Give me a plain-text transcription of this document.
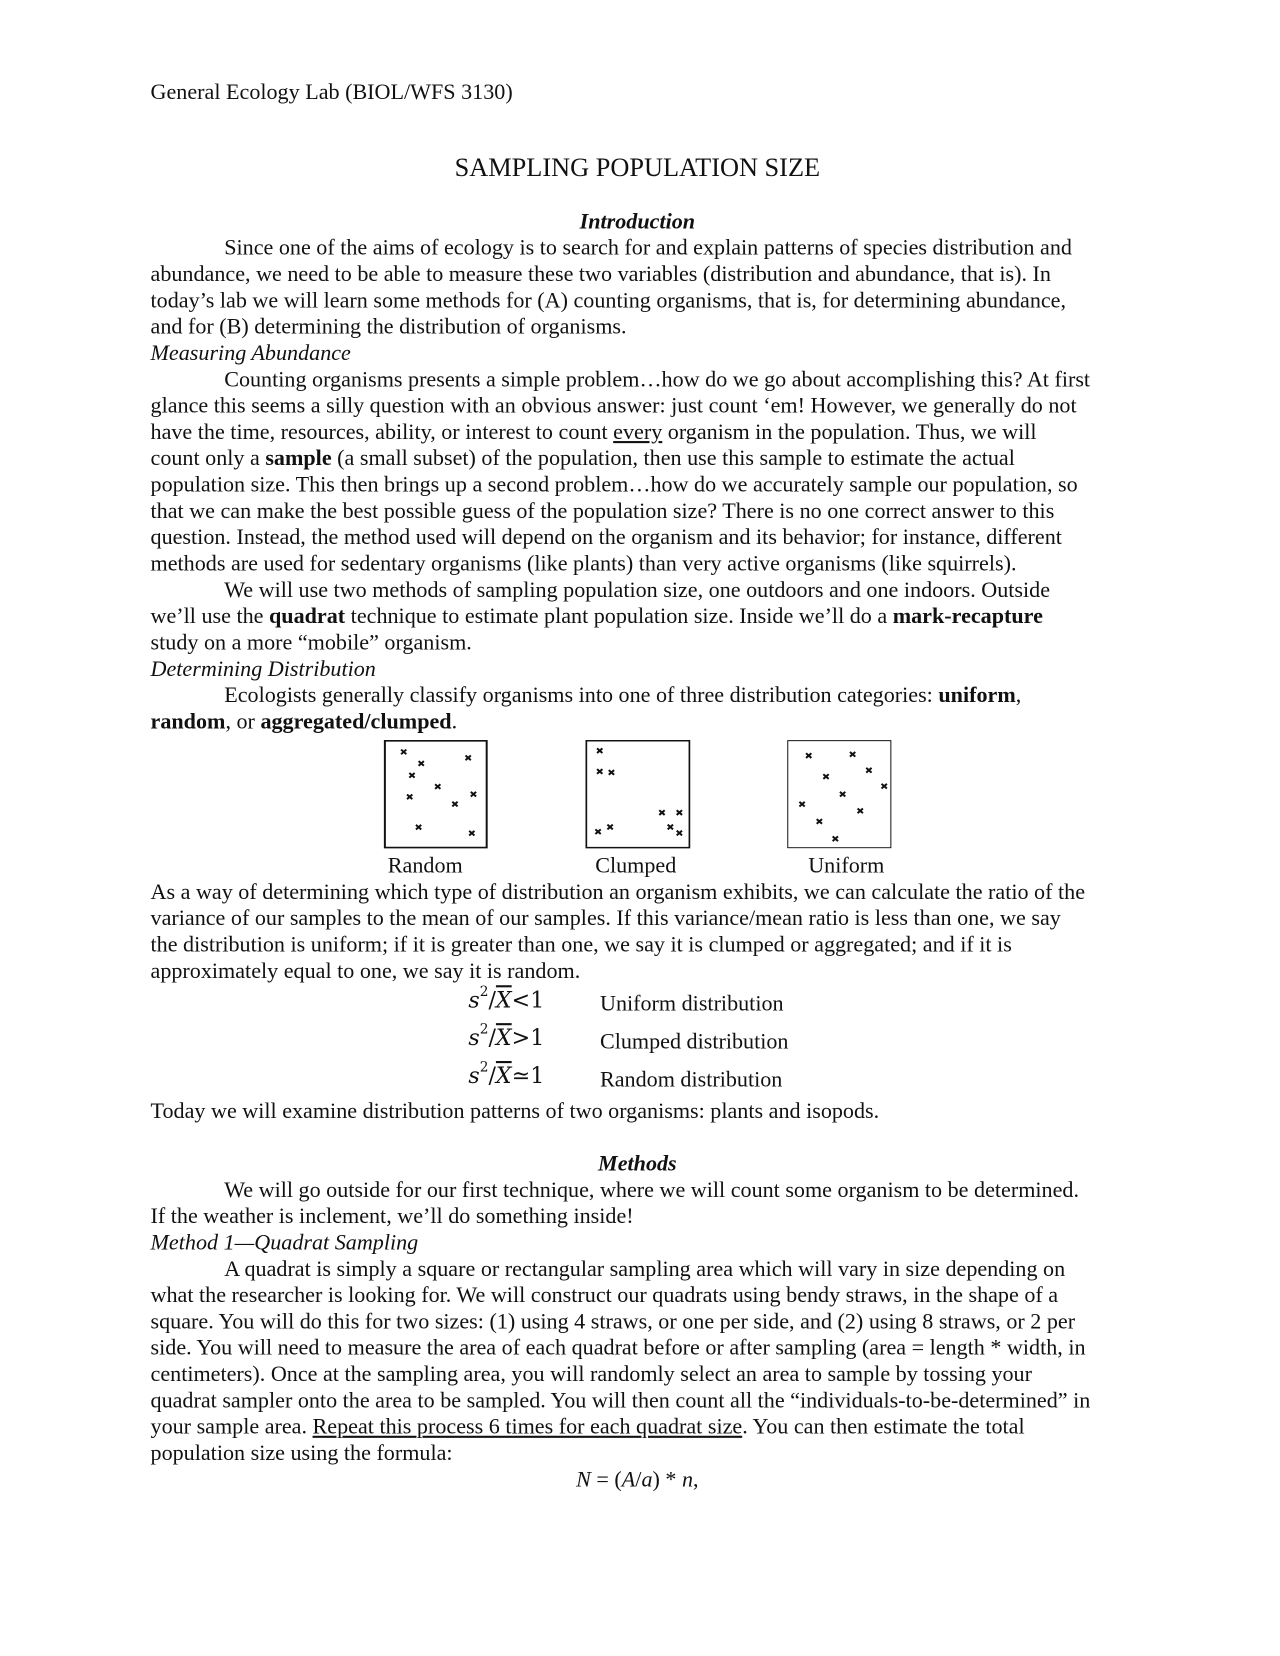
General Ecology Lab (BIOL/WFS 3130)
SAMPLING POPULATION SIZE
Introduction
Since one of the aims of ecology is to search for and explain patterns of species distribution and
abundance, we need to be able to measure these two variables (distribution and abundance, that is). In
today’s lab we will learn some methods for (A) counting organisms, that is, for determining abundance,
and for (B) determining the distribution of organisms.
Measuring Abundance
Counting organisms presents a simple problem…how do we go about accomplishing this? At first
glance this seems a silly question with an obvious answer: just count ‘em! However, we generally do not
have the time, resources, ability, or interest to count every organism in the population. Thus, we will
count only a sample (a small subset) of the population, then use this sample to estimate the actual
population size. This then brings up a second problem…how do we accurately sample our population, so
that we can make the best possible guess of the population size? There is no one correct answer to this
question. Instead, the method used will depend on the organism and its behavior; for instance, different
methods are used for sedentary organisms (like plants) than very active organisms (like squirrels).
We will use two methods of sampling population size, one outdoors and one indoors. Outside
we’ll use the quadrat technique to estimate plant population size. Inside we’ll do a mark-recapture
study on a more “mobile” organism.
Determining Distribution
Ecologists generally classify organisms into one of three distribution categories: uniform,
random, or aggregated/clumped.
Random	Clumped	Uniform
As a way of determining which type of distribution an organism exhibits, we can calculate the ratio of the
variance of our samples to the mean of our samples. If this variance/mean ratio is less than one, we say
the distribution is uniform; if it is greater than one, we say it is clumped or aggregated; and if it is
approximately equal to one, we say it is random.
$s^2/\overline{X}<1$	Uniform distribution
$s^2/\overline{X}>1$	Clumped distribution
$s^2/\overline{X}≃1$	Random distribution
Today we will examine distribution patterns of two organisms: plants and isopods.
Methods
We will go outside for our first technique, where we will count some organism to be determined.
If the weather is inclement, we’ll do something inside!
Method 1—Quadrat Sampling
A quadrat is simply a square or rectangular sampling area which will vary in size depending on
what the researcher is looking for. We will construct our quadrats using bendy straws, in the shape of a
square. You will do this for two sizes: (1) using 4 straws, or one per side, and (2) using 8 straws, or 2 per
side. You will need to measure the area of each quadrat before or after sampling (area = length * width, in
centimeters). Once at the sampling area, you will randomly select an area to sample by tossing your
quadrat sampler onto the area to be sampled. You will then count all the “individuals-to-be-determined” in
your sample area. Repeat this process 6 times for each quadrat size. You can then estimate the total
population size using the formula:
N = (A/a) * n,
